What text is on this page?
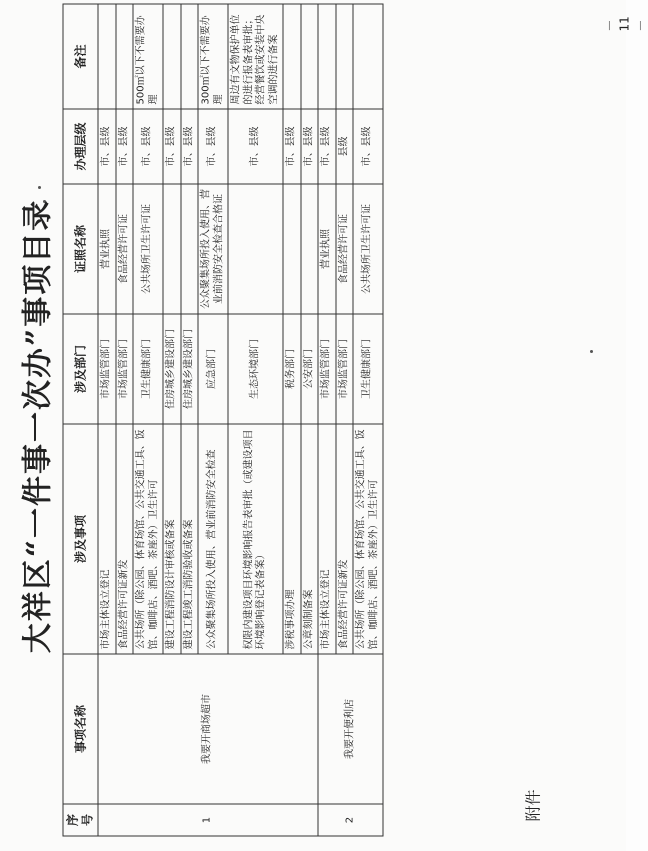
附件
大祥区“一件事一次办”事项目录
序号	事项名称	涉及事项	涉及部门	证照名称	办理层级	备注
1	我要开商场超市	市场主体设立登记	市场监管部门	营业执照	市、县级	
		食品经营许可证新发	市场监管部门	食品经营许可证	市、县级	
		公共场所（除公园、体育场馆、公共交通工具、饭馆、咖啡店、酒吧、茶座外）卫生许可	卫生健康部门	公共场所卫生许可证	市、县级	500㎡以下不需要办理
		建设工程消防设计审核或备案	住房城乡建设部门		市、县级	
		建设工程竣工消防验收或备案	住房城乡建设部门		市、县级	
		公众聚集场所投入使用、营业前消防安全检查	应急部门	公众聚集场所投入使用、营业前消防安全检查合格证	市、县级	300㎡以下不需要办理
		权限内建设项目环境影响报告表审批（或建设项目环境影响登记表备案）	生态环境部门		市、县级	周边有文物保护单位的进行报备表审批；经营餐饮或安装中央空调的进行备案
		涉税事项办理	税务部门		市、县级	
		公章刻制备案	公安部门		市、县级	
2	我要开便利店	市场主体设立登记	市场监管部门	营业执照	市、县级	
		食品经营许可证新发	市场监管部门	食品经营许可证	县级	
		公共场所（除公园、体育场馆、公共交通工具、饭馆、咖啡店、酒吧、茶座外）卫生许可	卫生健康部门	公共场所卫生许可证	市、县级	
－ 11 －
